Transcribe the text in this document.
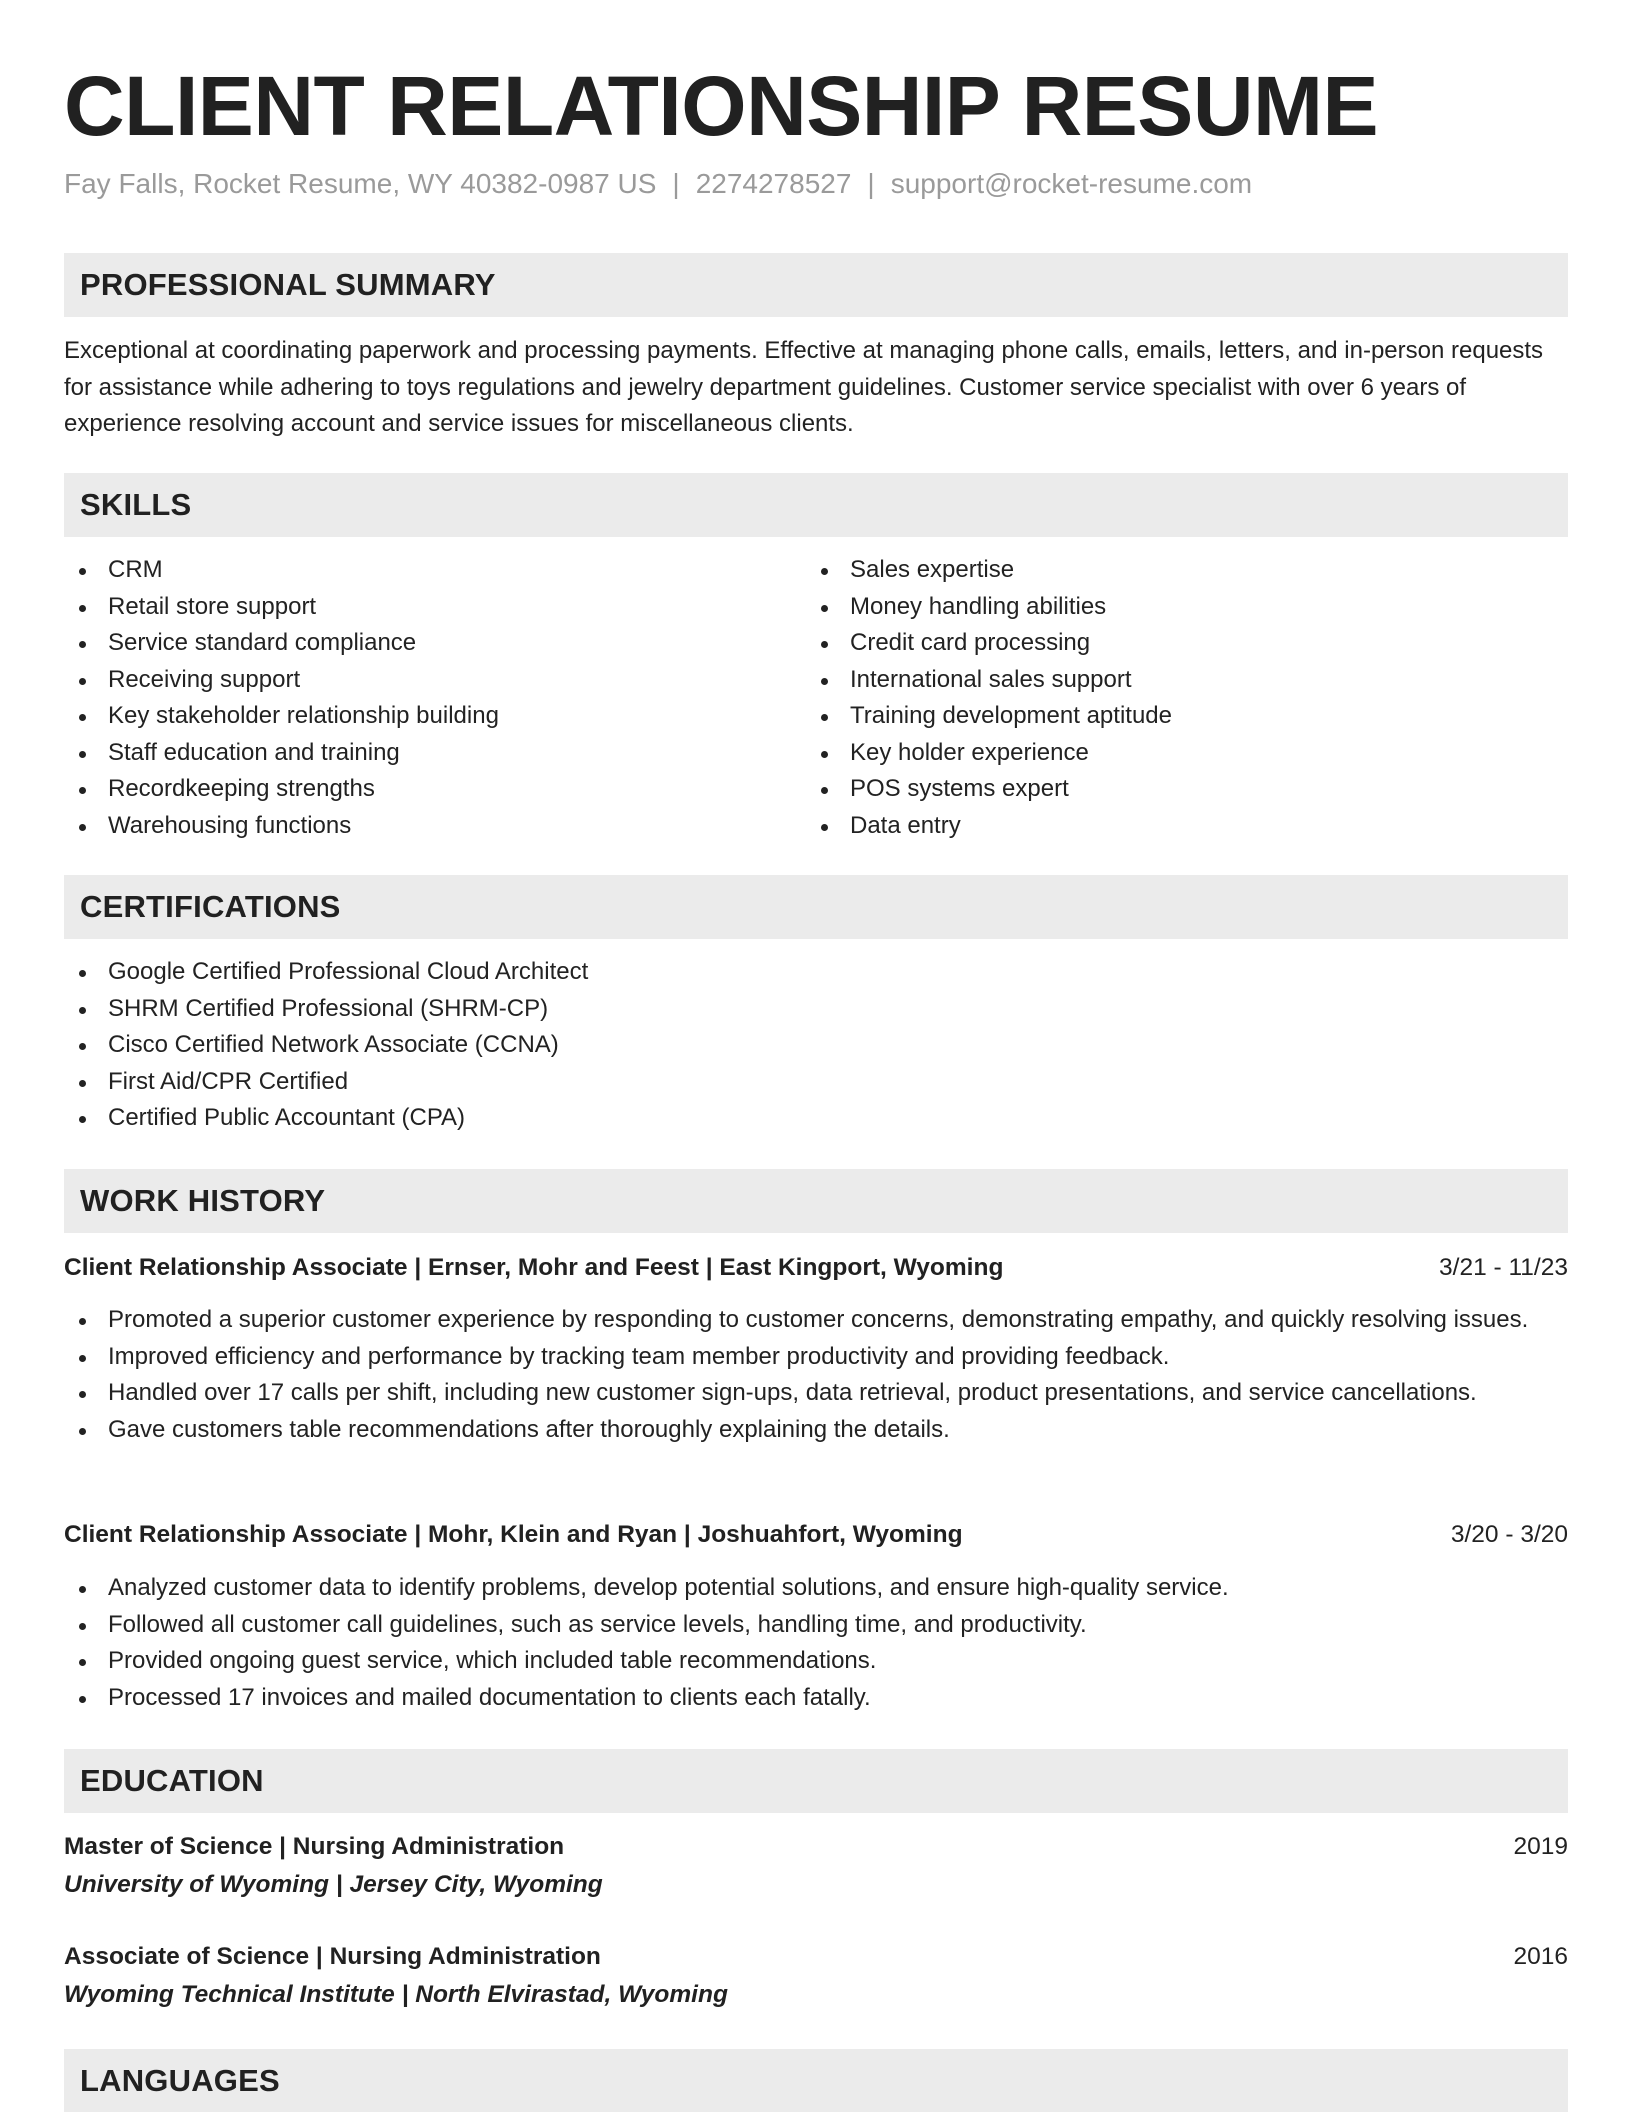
CLIENT RELATIONSHIP RESUME
Fay Falls, Rocket Resume, WY 40382-0987 US | 2274278527 | support@rocket-resume.com
PROFESSIONAL SUMMARY
Exceptional at coordinating paperwork and processing payments. Effective at managing phone calls, emails, letters, and in-person requests for assistance while adhering to toys regulations and jewelry department guidelines. Customer service specialist with over 6 years of experience resolving account and service issues for miscellaneous clients.
SKILLS
CRM
Retail store support
Service standard compliance
Receiving support
Key stakeholder relationship building
Staff education and training
Recordkeeping strengths
Warehousing functions
Sales expertise
Money handling abilities
Credit card processing
International sales support
Training development aptitude
Key holder experience
POS systems expert
Data entry
CERTIFICATIONS
Google Certified Professional Cloud Architect
SHRM Certified Professional (SHRM-CP)
Cisco Certified Network Associate (CCNA)
First Aid/CPR Certified
Certified Public Accountant (CPA)
WORK HISTORY
Client Relationship Associate | Ernser, Mohr and Feest | East Kingport, Wyoming	3/21 - 11/23
Promoted a superior customer experience by responding to customer concerns, demonstrating empathy, and quickly resolving issues.
Improved efficiency and performance by tracking team member productivity and providing feedback.
Handled over 17 calls per shift, including new customer sign-ups, data retrieval, product presentations, and service cancellations.
Gave customers table recommendations after thoroughly explaining the details.
Client Relationship Associate | Mohr, Klein and Ryan | Joshuahfort, Wyoming	3/20 - 3/20
Analyzed customer data to identify problems, develop potential solutions, and ensure high-quality service.
Followed all customer call guidelines, such as service levels, handling time, and productivity.
Provided ongoing guest service, which included table recommendations.
Processed 17 invoices and mailed documentation to clients each fatally.
EDUCATION
Master of Science | Nursing Administration	2019
University of Wyoming | Jersey City, Wyoming
Associate of Science | Nursing Administration	2016
Wyoming Technical Institute | North Elvirastad, Wyoming
LANGUAGES
